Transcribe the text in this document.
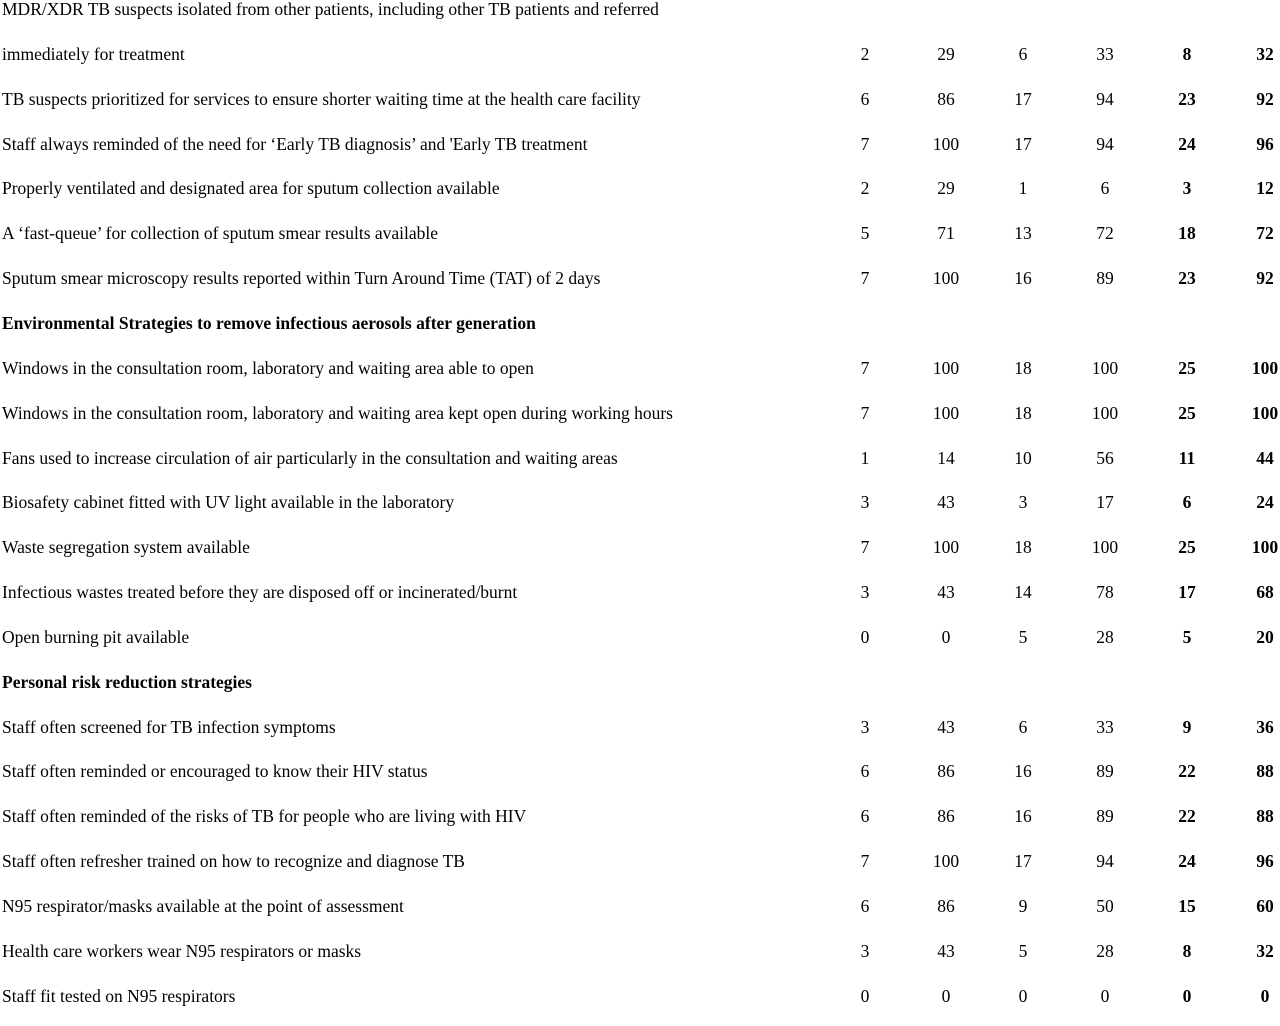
MDR/XDR TB suspects isolated from other patients, including other TB patients and referred
immediately for treatment	2	29	6	33	8	32
TB suspects prioritized for services to ensure shorter waiting time at the health care facility	6	86	17	94	23	92
Staff always reminded of the need for ‘Early TB diagnosis’ and 'Early TB treatment	7	100	17	94	24	96
Properly ventilated and designated area for sputum collection available	2	29	1	6	3	12
A ‘fast-queue’ for collection of sputum smear results available	5	71	13	72	18	72
Sputum smear microscopy results reported within Turn Around Time (TAT) of 2 days	7	100	16	89	23	92
Environmental Strategies to remove infectious aerosols after generation
Windows in the consultation room, laboratory and waiting area able to open	7	100	18	100	25	100
Windows in the consultation room, laboratory and waiting area kept open during working hours	7	100	18	100	25	100
Fans used to increase circulation of air particularly in the consultation and waiting areas	1	14	10	56	11	44
Biosafety cabinet fitted with UV light available in the laboratory	3	43	3	17	6	24
Waste segregation system available	7	100	18	100	25	100
Infectious wastes treated before they are disposed off or incinerated/burnt	3	43	14	78	17	68
Open burning pit available	0	0	5	28	5	20
Personal risk reduction strategies
Staff often screened for TB infection symptoms	3	43	6	33	9	36
Staff often reminded or encouraged to know their HIV status	6	86	16	89	22	88
Staff often reminded of the risks of TB for people who are living with HIV	6	86	16	89	22	88
Staff often refresher trained on how to recognize and diagnose TB	7	100	17	94	24	96
N95 respirator/masks available at the point of assessment	6	86	9	50	15	60
Health care workers wear N95 respirators or masks	3	43	5	28	8	32
Staff fit tested on N95 respirators	0	0	0	0	0	0
